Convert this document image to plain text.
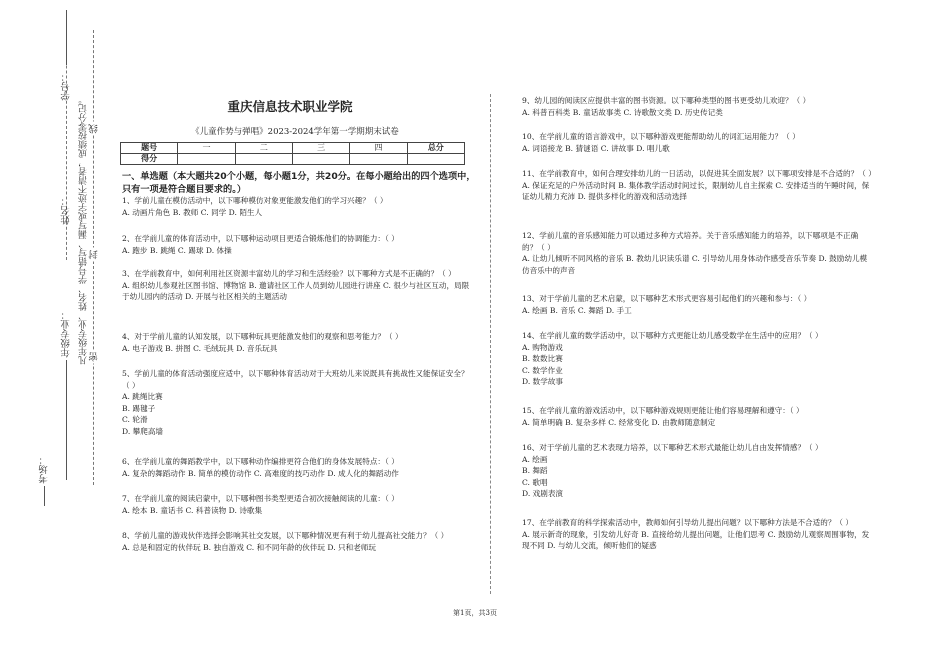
学号：
姓名：
年级专业：
考场：
凡年级专业、姓名、学号错写、漏写或字迹不清者，成绩按零分记。 密
封
线
重庆信息技术职业学院
《儿童作势与弹唱》2023-2024学年第一学期期末试卷
题号	一	二	三	四	总分
得分					
一、单选题（本大题共20个小题，每小题1分，共20分。在每小题给出的四个选项中，只有一项是符合题目要求的。）
1、学前儿童在模仿活动中，以下哪种模仿对象更能激发他们的学习兴趣？（ ）
A. 动画片角色 B. 教师 C. 同学 D. 陌生人
2、在学前儿童的体育活动中，以下哪种运动项目更适合锻炼他们的协调能力：（ ）
A. 跑步 B. 跳绳 C. 踢球 D. 体操
3、在学前教育中，如何利用社区资源丰富幼儿的学习和生活经验？以下哪种方式是不正确的？（ ）
A. 组织幼儿参观社区图书馆、博物馆 B. 邀请社区工作人员到幼儿园进行讲座 C. 很少与社区互动，局限于幼儿园内的活动 D. 开展与社区相关的主题活动
4、对于学前儿童的认知发展，以下哪种玩具更能激发他们的观察和思考能力？（ ）
A. 电子游戏 B. 拼图 C. 毛绒玩具 D. 音乐玩具
5、学前儿童的体育活动强度应适中，以下哪种体育活动对于大班幼儿来说既具有挑战性又能保证安全？（ ）
A. 跳绳比赛
B. 踢毽子
C. 轮滑
D. 攀爬高墙
6、在学前儿童的舞蹈教学中，以下哪种动作编排更符合他们的身体发展特点：（ ）
A. 复杂的舞蹈动作 B. 简单的模仿动作 C. 高难度的技巧动作 D. 成人化的舞蹈动作
7、在学前儿童的阅读启蒙中，以下哪种图书类型更适合初次接触阅读的儿童：（ ）
A. 绘本 B. 童话书 C. 科普读物 D. 诗歌集
8、学前儿童的游戏伙伴选择会影响其社交发展，以下哪种情况更有利于幼儿提高社交能力？（ ）
A. 总是和固定的伙伴玩 B. 独自游戏 C. 和不同年龄的伙伴玩 D. 只和老师玩
9、幼儿园的阅读区应提供丰富的图书资源。以下哪种类型的图书更受幼儿欢迎？（ ）
A. 科普百科类 B. 童话故事类 C. 诗歌散文类 D. 历史传记类
10、在学前儿童的语言游戏中，以下哪种游戏更能帮助幼儿的词汇运用能力？（ ）
A. 词语接龙 B. 猜谜语 C. 讲故事 D. 唱儿歌
11、在学前教育中，如何合理安排幼儿的一日活动，以促进其全面发展？以下哪项安排是不合适的？（ ）
A. 保证充足的户外活动时间 B. 集体教学活动时间过长，限制幼儿自主探索 C. 安排适当的午睡时间，保证幼儿精力充沛 D. 提供多样化的游戏和活动选择
12、学前儿童的音乐感知能力可以通过多种方式培养。关于音乐感知能力的培养，以下哪项是不正确的？（ ）
A. 让幼儿倾听不同风格的音乐 B. 教幼儿识读乐谱 C. 引导幼儿用身体动作感受音乐节奏 D. 鼓励幼儿模仿音乐中的声音
13、对于学前儿童的艺术启蒙，以下哪种艺术形式更容易引起他们的兴趣和参与：（ ）
A. 绘画 B. 音乐 C. 舞蹈 D. 手工
14、在学前儿童的数学活动中，以下哪种方式更能让幼儿感受数学在生活中的应用？（ ）
A. 购物游戏
B. 数数比赛
C. 数学作业
D. 数学故事
15、在学前儿童的游戏活动中，以下哪种游戏规则更能让他们容易理解和遵守：（ ）
A. 简单明确 B. 复杂多样 C. 经常变化 D. 由教师随意制定
16、对于学前儿童的艺术表现力培养，以下哪种艺术形式最能让幼儿自由发挥情感？（ ）
A. 绘画
B. 舞蹈
C. 歌唱
D. 戏剧表演
17、在学前教育的科学探索活动中，教师如何引导幼儿提出问题？以下哪种方法是不合适的？（ ）
A. 展示新奇的现象，引发幼儿好奇 B. 直接给幼儿提出问题，让他们思考 C. 鼓励幼儿观察周围事物，发现不同 D. 与幼儿交流，倾听他们的疑惑
第1页，共3页
